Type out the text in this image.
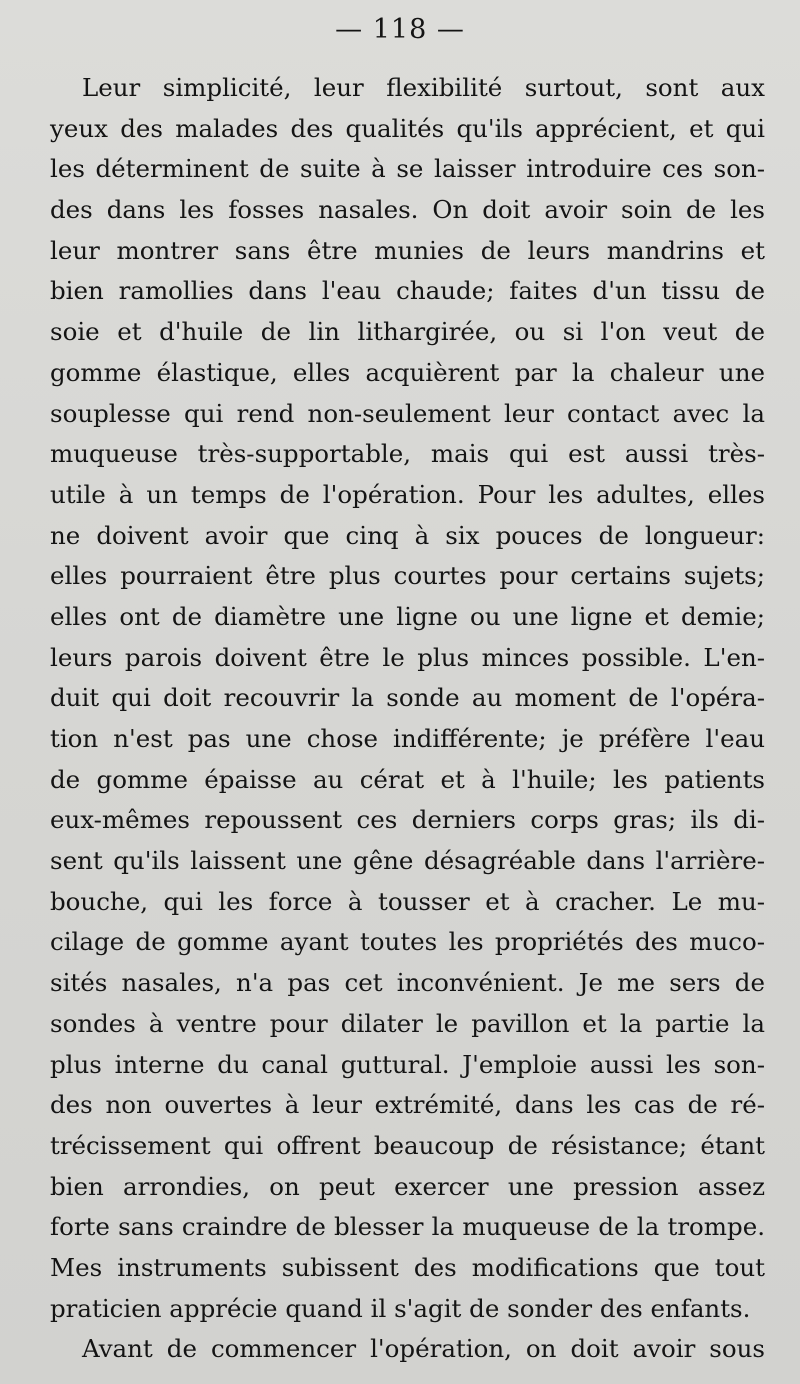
— 118 —
Leur simplicité, leur flexibilité surtout, sont aux
yeux des malades des qualités qu'ils apprécient, et qui
les déterminent de suite à se laisser introduire ces son-
des dans les fosses nasales. On doit avoir soin de les
leur montrer sans être munies de leurs mandrins et
bien ramollies dans l'eau chaude; faites d'un tissu de
soie et d'huile de lin lithargirée, ou si l'on veut de
gomme élastique, elles acquièrent par la chaleur une
souplesse qui rend non-seulement leur contact avec la
muqueuse très-supportable, mais qui est aussi très-
utile à un temps de l'opération. Pour les adultes, elles
ne doivent avoir que cinq à six pouces de longueur:
elles pourraient être plus courtes pour certains sujets;
elles ont de diamètre une ligne ou une ligne et demie;
leurs parois doivent être le plus minces possible. L'en-
duit qui doit recouvrir la sonde au moment de l'opéra-
tion n'est pas une chose indifférente; je préfère l'eau
de gomme épaisse au cérat et à l'huile; les patients
eux-mêmes repoussent ces derniers corps gras; ils di-
sent qu'ils laissent une gêne désagréable dans l'arrière-
bouche, qui les force à tousser et à cracher. Le mu-
cilage de gomme ayant toutes les propriétés des muco-
sités nasales, n'a pas cet inconvénient. Je me sers de
sondes à ventre pour dilater le pavillon et la partie la
plus interne du canal guttural. J'emploie aussi les son-
des non ouvertes à leur extrémité, dans les cas de ré-
trécissement qui offrent beaucoup de résistance; étant
bien arrondies, on peut exercer une pression assez
forte sans craindre de blesser la muqueuse de la trompe.
Mes instruments subissent des modifications que tout
praticien apprécie quand il s'agit de sonder des enfants.
Avant de commencer l'opération, on doit avoir sous
